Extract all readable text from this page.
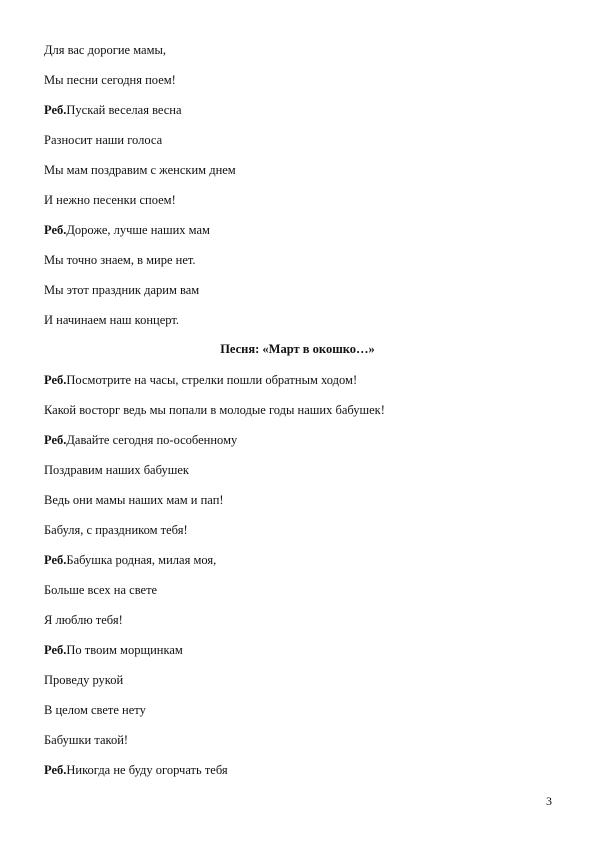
Для вас дорогие мамы,
Мы песни сегодня поем!
Реб.Пускай веселая весна
Разносит наши голоса
Мы мам поздравим с женским днем
И нежно песенки споем!
Реб.Дороже, лучше наших мам
Мы точно знаем, в мире нет.
Мы этот праздник дарим вам
И начинаем наш концерт.
Песня: «Март в окошко…»
Реб.Посмотрите на часы, стрелки пошли обратным ходом!
Какой восторг ведь мы попали в молодые годы наших бабушек!
Реб.Давайте сегодня по-особенному
Поздравим наших бабушек
Ведь они мамы наших мам и пап!
Бабуля, с праздником тебя!
Реб.Бабушка родная, милая моя,
Больше всех на свете
Я люблю тебя!
Реб.По твоим морщинкам
Проведу рукой
В целом свете нету
Бабушки такой!
Реб.Никогда не буду огорчать тебя
3
